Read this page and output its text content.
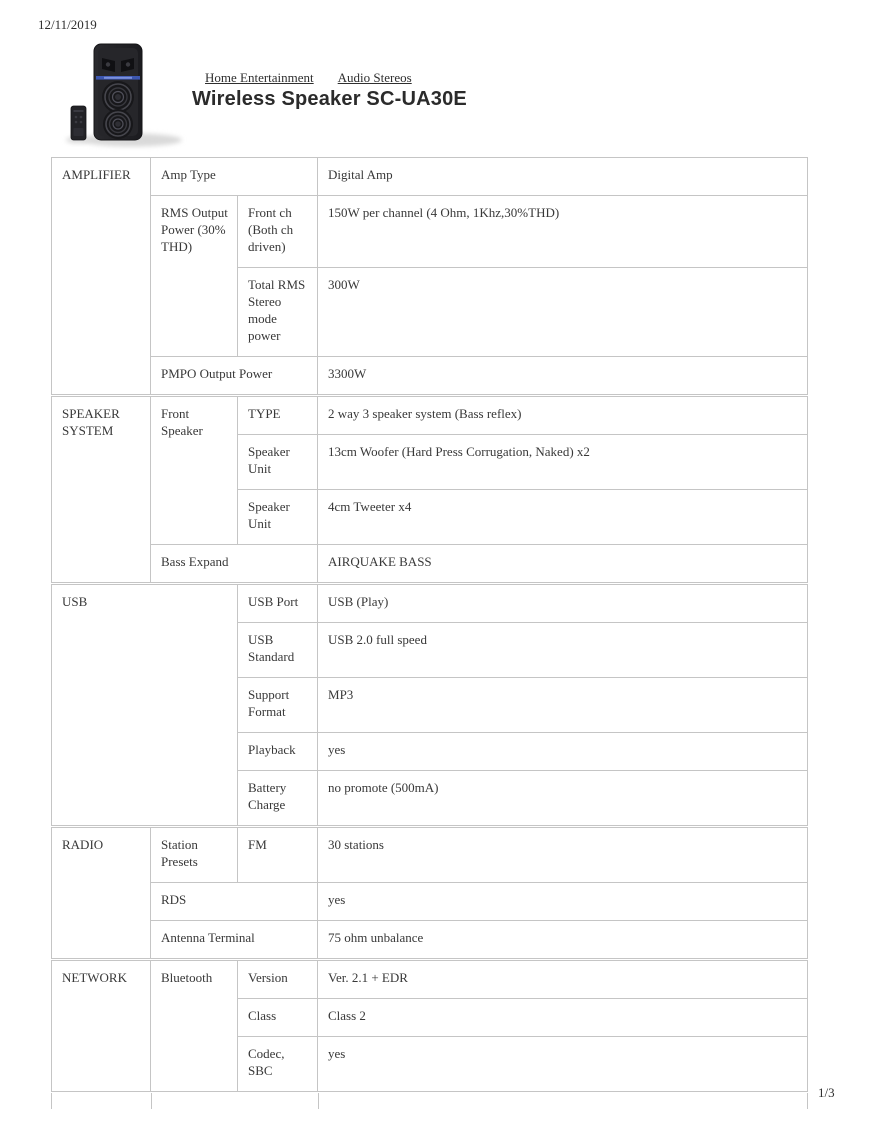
12/11/2019
Home Entertainment Audio Stereos
Wireless Speaker SC-UA30E
AMPLIFIER	Amp Type		Digital Amp
	RMS Output Power (30% THD)	Front ch (Both ch driven)	150W per channel (4 Ohm, 1Khz,30%THD)
		Total RMS Stereo mode power	300W
	PMPO Output Power		3300W
SPEAKER SYSTEM	Front Speaker	TYPE	2 way 3 speaker system (Bass reflex)
		Speaker Unit	13cm Woofer (Hard Press Corrugation, Naked) x2
		Speaker Unit	4cm Tweeter x4
	Bass Expand		AIRQUAKE BASS
USB	USB Port	USB (Play)
	USB Standard	USB 2.0 full speed
	Support Format	MP3
	Playback	yes
	Battery Charge	no promote (500mA)
RADIO	Station Presets	FM	30 stations
	RDS		yes
	Antenna Terminal		75 ohm unbalance
NETWORK	Bluetooth	Version	Ver. 2.1 + EDR
		Class	Class 2
		Codec, SBC	yes
1/3
